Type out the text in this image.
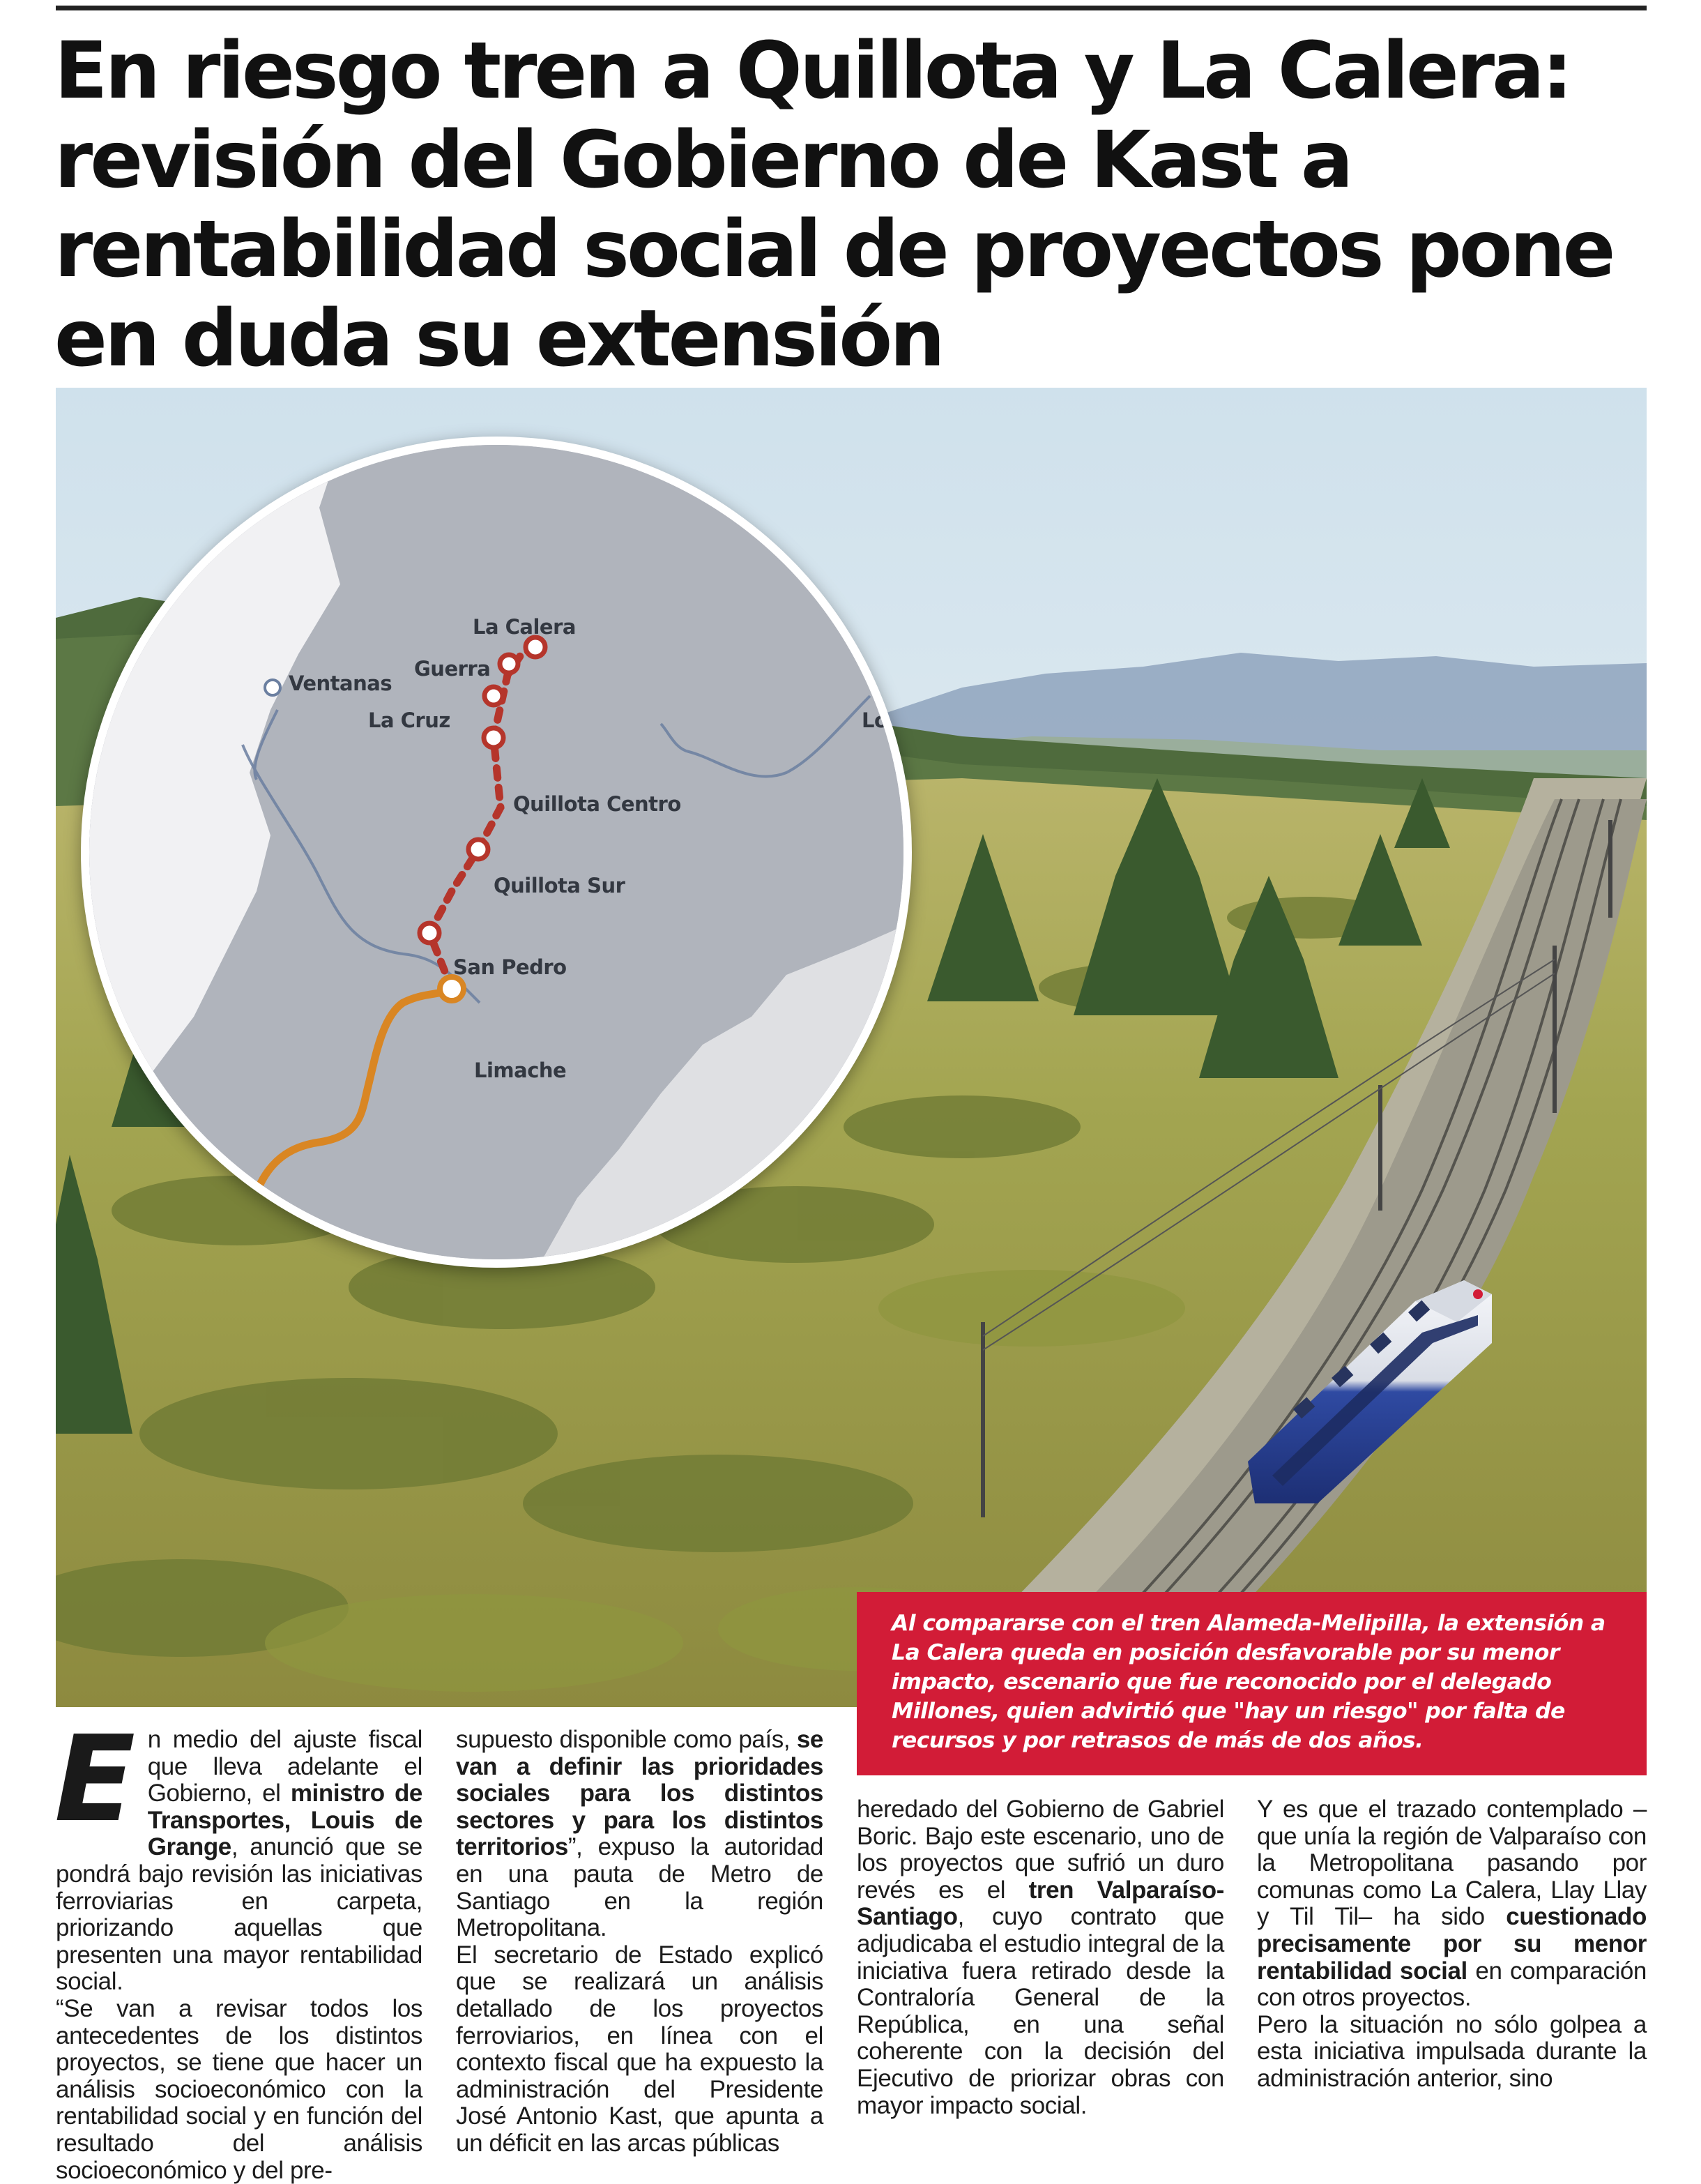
En riesgo tren a Quillota y La Calera:
revisión del Gobierno de Kast a
rentabilidad social de proyectos pone
en duda su extensión
Ventanas
La Calera
Guerra
La Cruz	Los
Quillota Centro
Quillota Sur
San Pedro
Limache
Al compararse con el tren Alameda-Melipilla, la extensión a La Calera queda en posición desfavorable por su menor impacto, escenario que fue reconocido por el delegado Millones, quien advirtió que "hay un riesgo" por falta de recursos y por retrasos de más de dos años.
E n medio del ajuste fiscal que lleva adelante el Gobierno, el ministro de Transportes, Louis de Grange, anunció que se pondrá bajo revisión las iniciativas ferroviarias en carpeta, priorizando aquellas que presenten una mayor rentabilidad social.

“Se van a revisar todos los antecedentes de los distintos proyectos, se tiene que hacer un análisis socioeconómico con la rentabilidad social y en función del resultado del análisis socioeconómico y del pre-

supuesto disponible como país, se van a definir las prioridades sociales para los distintos sectores y para los distintos territorios”, expuso la autoridad en una pauta de Metro de Santiago en la región Metropolitana.

El secretario de Estado explicó que se realizará un análisis detallado de los proyectos ferroviarios, en línea con el contexto fiscal que ha expuesto la administración del Presidente José Antonio Kast, que apunta a un déficit en las arcas públicas

heredado del Gobierno de Gabriel Boric. Bajo este escenario, uno de los proyectos que sufrió un duro revés es el tren Valparaíso-Santiago, cuyo contrato que adjudicaba el estudio integral de la iniciativa fuera retirado desde la Contraloría General de la República, en una señal coherente con la decisión del Ejecutivo de priorizar obras con mayor impacto social.
Y es que el trazado contemplado –que unía la región de Valparaíso con la Metropolitana pasando por comunas como La Calera, Llay Llay y Til Til– ha sido cuestionado precisamente por su menor rentabilidad social en comparación con otros proyectos.

Pero la situación no sólo golpea a esta iniciativa impulsada durante la administración anterior, sino
